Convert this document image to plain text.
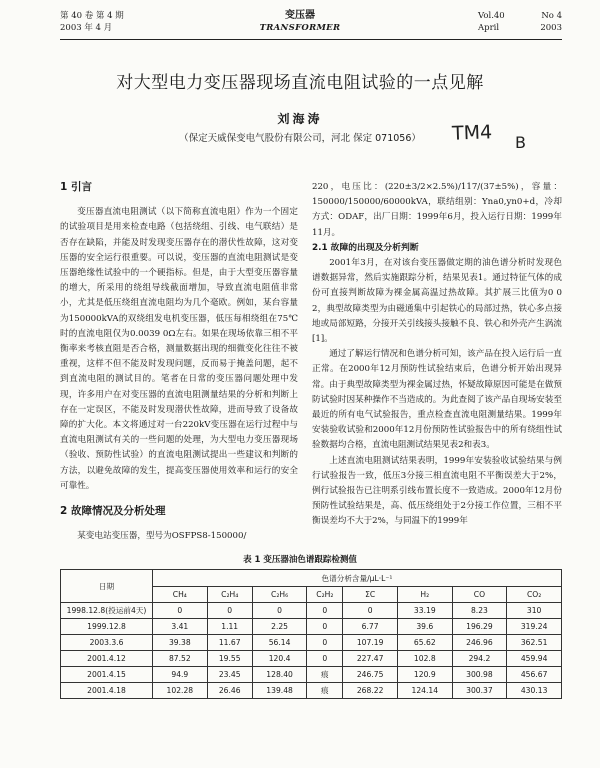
第 40 卷 第 4 期
2003 年 4 月
变压器
TRANSFORMER
Vol.40	No 4
April	2003
对大型电力变压器现场直流电阻试验的一点见解
刘海涛
（保定天威保变电气股份有限公司，河北 保定 071056）	TM4 B
1 引言

变压器直流电阻测试（以下简称直流电阻）作为一个固定的试验项目是用来检查电路（包括绕组、引线、电气联结）是否存在缺陷，并能及时发现变压器存在的潜伏性故障，这对变压器的安全运行很重要。可以说，变压器的直流电阻测试是变压器绝缘性试验中的一个硬指标。但是，由于大型变压器容量的增大，所采用的绕组导线截面增加，导致直流电阻值非常小，尤其是低压绕组直流电阻均为几个毫欧。例如，某台容量为150000kVA的双绕组发电机变压器，低压每相绕组在75℃时的直流电阻仅为0.0039 0Ω左右。如果在现场依靠三相不平衡率来考核直阻是否合格，测量数据出现的细微变化往往不被重视，这样不但不能及时发现问题，反而易于掩盖问题，起不到直流电阻的测试目的。笔者在日常的变压器问题处理中发现，许多用户在对变压器的直流电阻测量结果的分析和判断上存在一定误区，不能及时发现潜伏性故障，进而导致了设备故障的扩大化。本文将通过对一台220kV变压器在运行过程中与直流电阻测试有关的一些问题的处理，为大型电力变压器现场（验收、预防性试验）的直流电阻测试提出一些建议和判断的方法，以避免故障的发生，提高变压器使用效率和运行的安全可靠性。

2 故障情况及分析处理

某变电站变压器，型号为OSFPS8-150000/

220，电压比：(220±3/2×2.5%)/117/(37±5%)，容量：150000/150000/60000kVA，联结组别：Yna0,yn0+d，冷却方式：ODAF，出厂日期：1999年6月，投入运行日期：1999年11月。

2.1 故障的出现及分析判断

2001年3月，在对该台变压器做定期的油色谱分析时发现色谱数据异常，然后实施跟踪分析，结果见表1。通过特征气体的成份可直接判断故障为裸金属高温过热故障。其扩展三比值为0 0 2，典型故障类型为由磁通集中引起铁心的局部过热，铁心多点接地或局部短路，分接开关引线接头接触不良、铁心和外壳产生涡流[1]。

通过了解运行情况和色谱分析可知，该产品在投入运行后一直正常。在2000年12月预防性试验结束后，色谱分析开始出现异常。由于典型故障类型为裸金属过热，怀疑故障原因可能是在做预防试验时因某种操作不当造成的。为此查阅了该产品自现场安装至最近的所有电气试验报告，重点检查直流电阻测量结果。1999年安装验收试验和2000年12月份预防性试验报告中的所有绕组性试验数据均合格，直流电阻测试结果见表2和表3。

上述直流电阻测试结果表明，1999年安装验收试验结果与例行试验报告一致，低压3分接三相直流电阻不平衡误差大于2%，例行试验报告已注明系引线布置长度不一致造成。2000年12月份预防性试验结果是，高、低压绕组处于2分接工作位置，三相不平衡误差均不大于2%，与同温下的1999年

表 1 变压器油色谱跟踪检测值
日期	色谱分析含量/μL·L⁻¹							
	CH₄	C₂H₄	C₂H₆	C₂H₂	ΣC	H₂	CO	CO₂
1998.12.8(投运前4天)	0	0	0	0	0	33.19	8.23	310
1999.12.8	3.41	1.11	2.25	0	6.77	39.6	196.29	319.24
2003.3.6	39.38	11.67	56.14	0	107.19	65.62	246.96	362.51
2001.4.12	87.52	19.55	120.4	0	227.47	102.8	294.2	459.94
2001.4.15	94.9	23.45	128.40	痕	246.75	120.9	300.98	456.67
2001.4.18	102.28	26.46	139.48	痕	268.22	124.14	300.37	430.13
